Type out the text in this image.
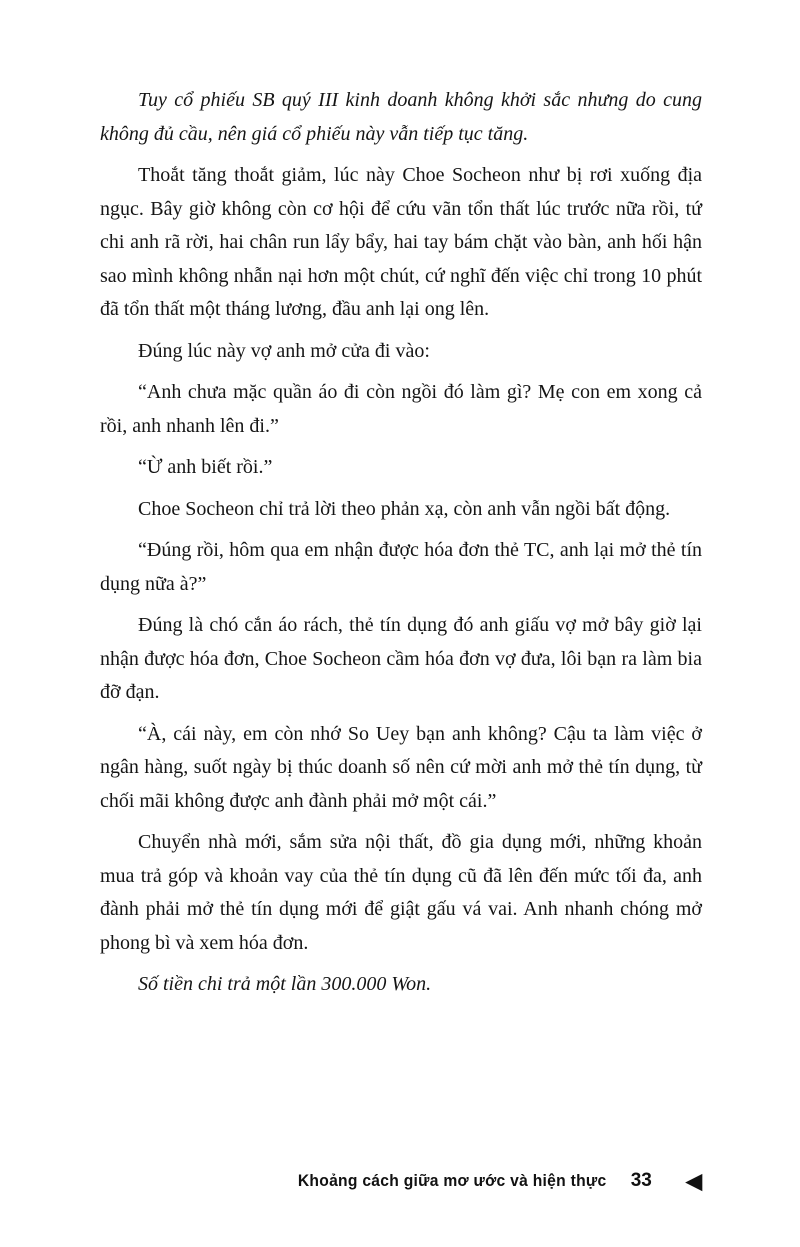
Tuy cổ phiếu SB quý III kinh doanh không khởi sắc nhưng do cung không đủ cầu, nên giá cổ phiếu này vẫn tiếp tục tăng.

Thoắt tăng thoắt giảm, lúc này Choe Socheon như bị rơi xuống địa ngục. Bây giờ không còn cơ hội để cứu vãn tổn thất lúc trước nữa rồi, tứ chi anh rã rời, hai chân run lẩy bẩy, hai tay bám chặt vào bàn, anh hối hận sao mình không nhẫn nại hơn một chút, cứ nghĩ đến việc chỉ trong 10 phút đã tổn thất một tháng lương, đầu anh lại ong lên.

Đúng lúc này vợ anh mở cửa đi vào:

“Anh chưa mặc quần áo đi còn ngồi đó làm gì? Mẹ con em xong cả rồi, anh nhanh lên đi.”

“Ừ anh biết rồi.”

Choe Socheon chỉ trả lời theo phản xạ, còn anh vẫn ngồi bất động.

“Đúng rồi, hôm qua em nhận được hóa đơn thẻ TC, anh lại mở thẻ tín dụng nữa à?”

Đúng là chó cắn áo rách, thẻ tín dụng đó anh giấu vợ mở bây giờ lại nhận được hóa đơn, Choe Socheon cầm hóa đơn vợ đưa, lôi bạn ra làm bia đỡ đạn.

“À, cái này, em còn nhớ So Uey bạn anh không? Cậu ta làm việc ở ngân hàng, suốt ngày bị thúc doanh số nên cứ mời anh mở thẻ tín dụng, từ chối mãi không được anh đành phải mở một cái.”

Chuyển nhà mới, sắm sửa nội thất, đồ gia dụng mới, những khoản mua trả góp và khoản vay của thẻ tín dụng cũ đã lên đến mức tối đa, anh đành phải mở thẻ tín dụng mới để giật gấu vá vai. Anh nhanh chóng mở phong bì và xem hóa đơn.

Số tiền chi trả một lần 300.000 Won.

Khoảng cách giữa mơ ước và hiện thực 33 ◀
